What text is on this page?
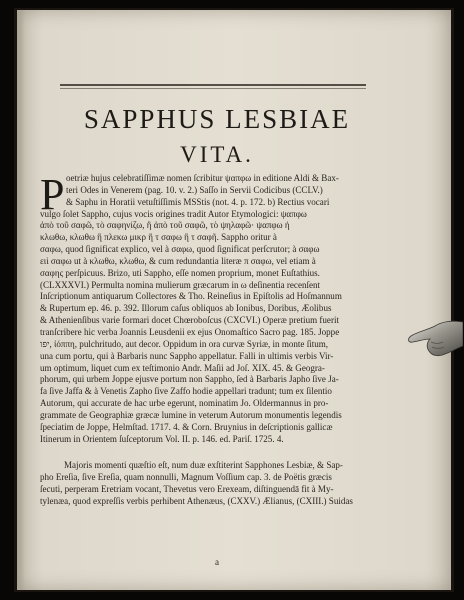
SAPPHUS LESBIAE
VITA.
P oetriæ hujus celebratiſſimæ nomen ſcribitur ψαπφω in editione Aldi & Bax-
teri Odes in Venerem (pag. 10. v. 2.) Saſſo in Servii Codicibus (CCLV.)
& Saphu in Horatii vetuſtiſſimis MSStis (not. 4. p. 172. b) Rectius vocari
vulgo ſolet Sappho, cujus vocis origines tradit Autor Etymologici: ψαπφω
ἀπὸ τοῦ σαφῶ, τὸ σαφηνίζω, ἢ ἀπὸ τοῦ σαφῶ, τὸ ψηλαφῶ· ψαπφω ἡ
κλωθω, κλωθω ἢ πλεκω μικρ ἢ τ σαφω ἢ τ σαφῆ. Sappho oritur à
σαφω, quod ſignificat explico, vel à σαφω, quod ſignificat perſcrutor; à σαφω
ειὶ σαφω ut à κλωθω, κλωθω, & cum redundantia literæ π σαφω, vel etiam à
σαφης perſpicuus. Brizo, uti Sappho, eſſe nomen proprium, monet Euſtathius.
(CLXXXVI.) Permulta nomina mulierum græcarum in ω deſinentia recenſent
Inſcriptionum antiquarum Collectores & Tho. Reineſius in Epiſtolis ad Hoſmannum
& Rupertum ep. 46. p. 392. Illorum caſus obliquos ab Ionibus, Doribus, Æolibus
& Athenienſibus varie formari docet Chœroboſcus (CXCVI.) Operæ pretium fuerit
tranſcribere hic verba Joannis Leusdenii ex ejus Onomaſtico Sacro pag. 185. Joppe
יפו, ἰόππη, pulchritudo, aut decor. Oppidum in ora curvæ Syriæ, in monte ſitum,
una cum portu, qui à Barbaris nunc Sappho appellatur. Falli in ultimis verbis Vir-
um optimum, liquet cum ex teſtimonio Andr. Maſii ad Joſ. XIX. 45. & Geogra-
phorum, qui urbem Joppe ejusve portum non Sappho, ſed à Barbaris Japho ſive Ja-
fa ſive Jaffa & à Venetis Zapho ſive Zaffo hodie appellari tradunt; tum ex ſilentio
Autorum, qui accurate de hac urbe egerunt, nominatim Jo. Oldermannus in pro-
grammate de Geographiæ græcæ lumine in veterum Autorum monumentis legendis
ſpeciatim de Joppe, Helmſtad. 1717. 4. & Corn. Bruynius in deſcriptionis gallicæ
Itinerum in Orientem ſuſceptorum Vol. II. p. 146. ed. Pariſ. 1725. 4.
Majoris momenti quæſtio eſt, num duæ exſtiterint Sapphones Lesbiæ, & Sap-
pho Ereſia, ſive Ereſia, quam nonnulli, Magnum Voſſium cap. 3. de Poëtis græcis
ſecuti, perperam Eretriam vocant, Thevetus vero Erexeam, diſtinguendā fit à My-
tylenæa, quod expreſſis verbis perhibent Athenæus, (CXXV.) Ælianus, (CXIII.) Suidas
a
